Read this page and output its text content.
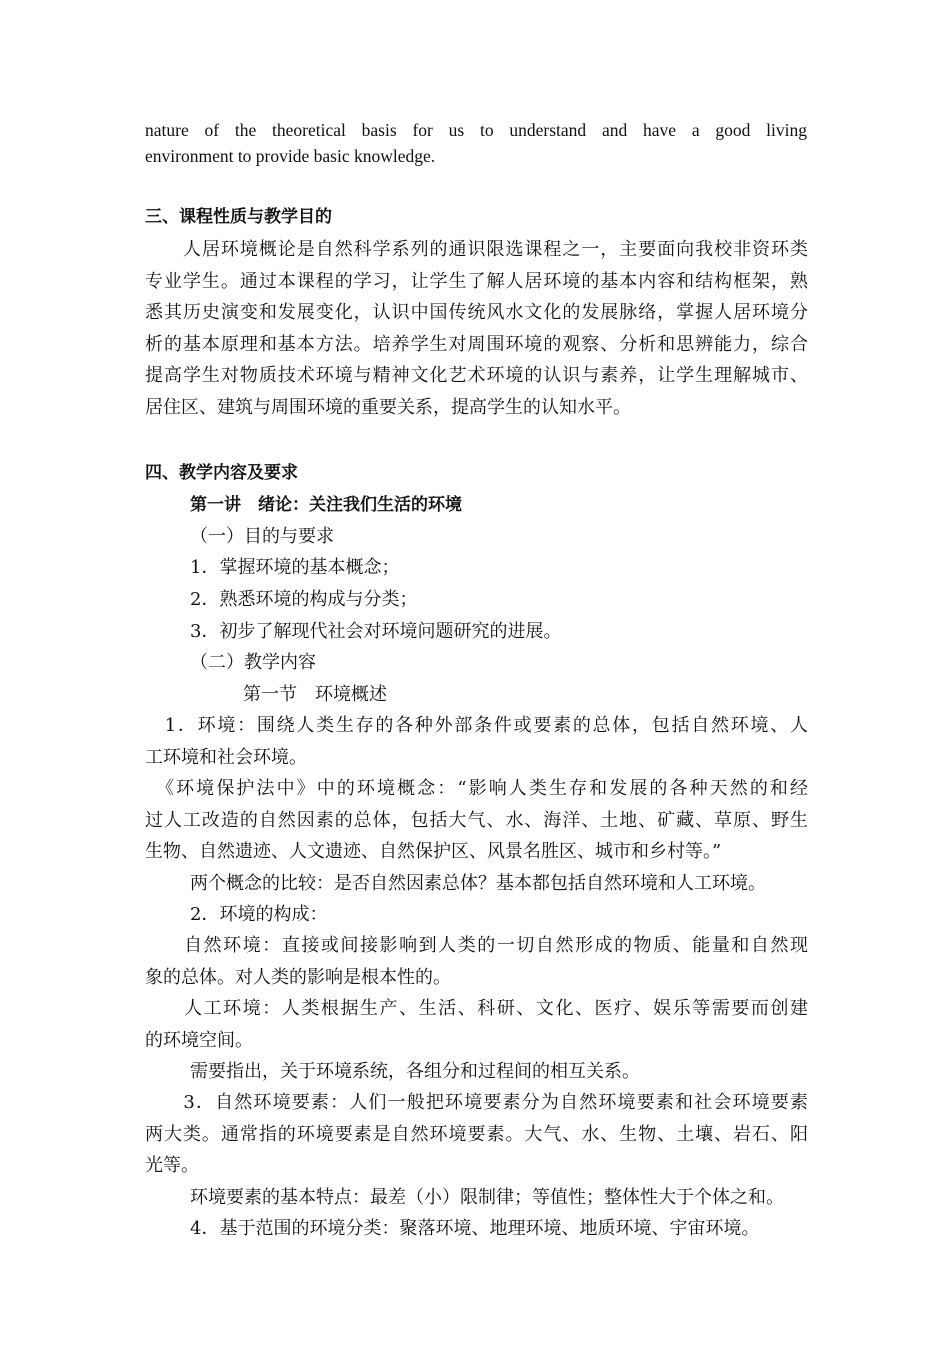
nature of the theoretical basis for us to understand and have a good living
environment to provide basic knowledge.
三、课程性质与教学目的
　　人居环境概论是自然科学系列的通识限选课程之一，主要面向我校非资环类
专业学生。通过本课程的学习，让学生了解人居环境的基本内容和结构框架，熟
悉其历史演变和发展变化，认识中国传统风水文化的发展脉络，掌握人居环境分
析的基本原理和基本方法。培养学生对周围环境的观察、分析和思辨能力，综合
提高学生对物质技术环境与精神文化艺术环境的认识与素养，让学生理解城市、
居住区、建筑与周围环境的重要关系，提高学生的认知水平。
四、教学内容及要求
第一讲　绪论：关注我们生活的环境
（一）目的与要求
1．掌握环境的基本概念；
2．熟悉环境的构成与分类；
3．初步了解现代社会对环境问题研究的进展。
（二）教学内容
第一节　环境概述
　1．环境：围绕人类生存的各种外部条件或要素的总体，包括自然环境、人
工环境和社会环境。
　《环境保护法中》中的环境概念：“影响人类生存和发展的各种天然的和经
过人工改造的自然因素的总体，包括大气、水、海洋、土地、矿藏、草原、野生
生物、自然遗迹、人文遗迹、自然保护区、风景名胜区、城市和乡村等。”
两个概念的比较：是否自然因素总体？基本都包括自然环境和人工环境。
2．环境的构成：
　　自然环境：直接或间接影响到人类的一切自然形成的物质、能量和自然现
象的总体。对人类的影响是根本性的。
　　人工环境：人类根据生产、生活、科研、文化、医疗、娱乐等需要而创建
的环境空间。
需要指出，关于环境系统，各组分和过程间的相互关系。
　　3．自然环境要素：人们一般把环境要素分为自然环境要素和社会环境要素
两大类。通常指的环境要素是自然环境要素。大气、水、生物、土壤、岩石、阳
光等。
环境要素的基本特点：最差（小）限制律；等值性；整体性大于个体之和。
4．基于范围的环境分类：聚落环境、地理环境、地质环境、宇宙环境。
